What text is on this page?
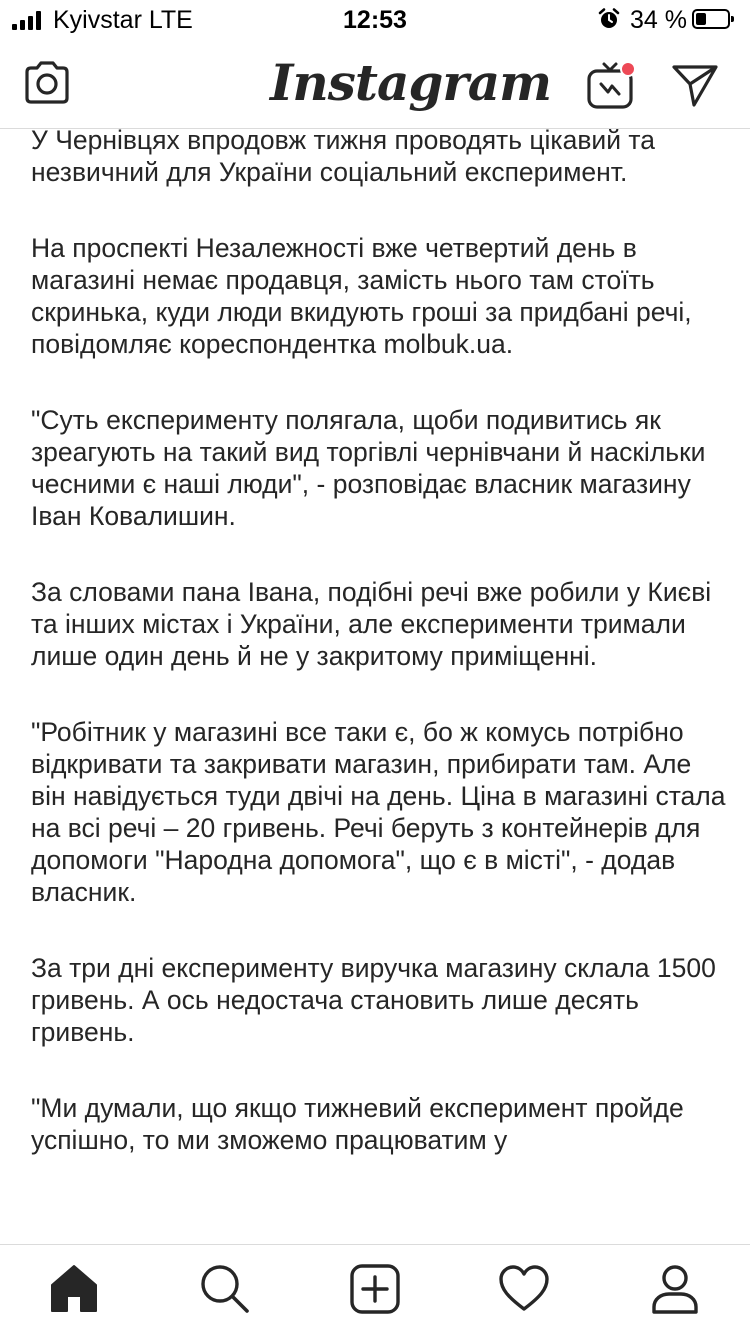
Kyivstar LTE	12:53	34 %
Instagram

У Чернівцях впродовж тижня проводять цікавий та незвичний для України соціальний експеримент.

На проспекті Незалежності вже четвертий день в магазині немає продавця, замість нього там стоїть скринька, куди люди вкидують гроші за придбані речі, повідомляє кореспондентка molbuk.ua.

"Суть експерименту полягала, щоби подивитись як зреагують на такий вид торгівлі чернівчани й наскільки чесними є наші люди", - розповідає власник магазину Іван Ковалишин.

За словами пана Івана, подібні речі вже робили у Києві та інших містах і України, але експерименти тримали лише один день й не у закритому приміщенні.

"Робітник у магазині все таки є, бо ж комусь потрібно відкривати та закривати магазин, прибирати там. Але він навідується туди двічі на день. Ціна в магазині стала на всі речі – 20 гривень. Речі беруть з контейнерів для допомоги "Народна допомога", що є в місті", - додав власник.

За три дні експерименту виручка магазину склала 1500 гривень. А ось недостача становить лише десять гривень.

"Ми думали, що якщо тижневий експеримент пройде успішно, то ми зможемо працюватим у
